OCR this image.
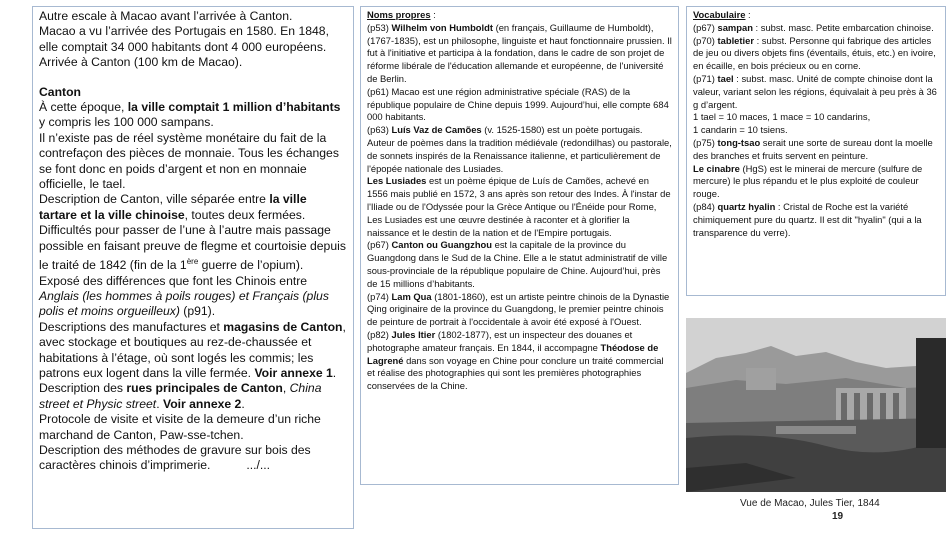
Autre escale à Macao avant l’arrivée à Canton.

Macao a vu l’arrivée des Portugais en 1580. En 1848, elle comptait 34 000 habitants dont 4 000 européens.

Arrivée à Canton (100 km de Macao).

Canton

À cette époque, la ville comptait 1 million d’habitants y compris les 100 000 sampans.

Il n’existe pas de réel système monétaire du fait de la contrefaçon des pièces de monnaie. Tous les échanges se font donc en poids d’argent et non en monnaie officielle, le tael.

Description de Canton, ville séparée entre la ville tartare et la ville chinoise, toutes deux fermées.

Difficultés pour passer de l’une à l’autre mais passage possible en faisant preuve de flegme et courtoisie depuis le traité de 1842 (fin de la 1ère guerre de l’opium).

Exposé des différences que font les Chinois entre Anglais (les hommes à poils rouges) et Français (plus polis et moins orgueilleux) (p91).

Descriptions des manufactures et magasins de Canton, avec stockage et boutiques au rez-de-chaussée et habitations à l’étage, où sont logés les commis; les patrons eux logent dans la ville fermée. Voir annexe 1.

Description des rues principales de Canton, China street et Physic street. Voir annexe 2.

Protocole de visite et visite de la demeure d’un riche marchand de Canton, Paw-sse-tchen.

Description des méthodes de gravure sur bois des caractères chinois d’imprimerie.	.../...

Noms propres :

(p53) Wilhelm von Humboldt (en français, Guillaume de Humboldt), (1767-1835), est un philosophe, linguiste et haut fonctionnaire prussien. Il fut à l'initiative et participa à la fondation, dans le cadre de son projet de réforme libérale de l'éducation allemande et européenne, de l'université de Berlin.

(p61) Macao est une région administrative spéciale (RAS) de la république populaire de Chine depuis 1999. Aujourd’hui, elle compte 684 000 habitants.

(p63) Luís Vaz de Camões (v. 1525-1580) est un poète portugais.

Auteur de poèmes dans la tradition médiévale (redondilhas) ou pastorale, de sonnets inspirés de la Renaissance italienne, et particulièrement de l'épopée nationale des Lusiades.

Les Lusiades est un poème épique de Luís de Camões, achevé en 1556 mais publié en 1572, 3 ans après son retour des Indes. À l'instar de l'Iliade ou de l'Odyssée pour la Grèce Antique ou l'Énéide pour Rome, Les Lusiades est une œuvre destinée à raconter et à glorifier la naissance et le destin de la nation et de l'Empire portugais.

(p67) Canton ou Guangzhou est la capitale de la province du Guangdong dans le Sud de la Chine. Elle a le statut administratif de ville sous-provinciale de la république populaire de Chine. Aujourd’hui, près de 15 millions d’habitants.

(p74) Lam Qua (1801-1860), est un artiste peintre chinois de la Dynastie Qing originaire de la province du Guangdong, le premier peintre chinois de peinture de portrait à l'occidentale à avoir été exposé à l'Ouest.

(p82) Jules Itier (1802-1877), est un inspecteur des douanes et photographe amateur français. En 1844, il accompagne Théodose de Lagrené dans son voyage en Chine pour conclure un traité commercial et réalise des photographies qui sont les premières photographies conservées de la Chine.

Vocabulaire :

(p67) sampan : subst. masc. Petite embarcation chinoise.

(p70) tabletier : subst. Personne qui fabrique des articles de jeu ou divers objets fins (éventails, étuis, etc.) en ivoire, en écaille, en bois précieux ou en corne.

(p71) tael : subst. masc. Unité de compte chinoise dont la valeur, variant selon les régions, équivalait à peu près à 36 g d’argent.

1 tael = 10 maces, 1 mace = 10 candarins,

1 candarin = 10 tsiens.

(p75) tong-tsao serait une sorte de sureau dont la moelle des branches et fruits servent en peinture.

Le cinabre (HgS) est le minerai de mercure (sulfure de mercure) le plus répandu et le plus exploité de couleur rouge.

(p84) quartz hyalin : Cristal de Roche est la variété chimiquement pure du quartz. Il est dit "hyalin" (qui a la transparence du verre).

Vue de Macao, Jules Tier, 1844
19
